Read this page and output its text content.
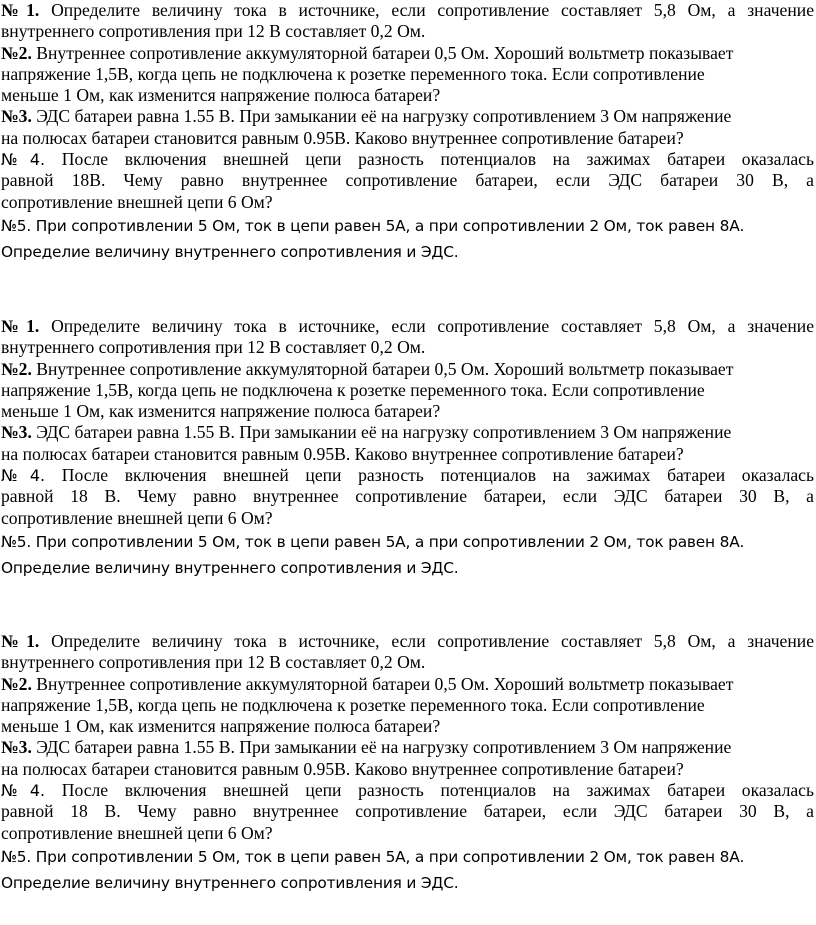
№1. Определите величину тока в источнике, если сопротивление составляет 5,8 Ом, а значение
внутреннего сопротивления при 12 В составляет 0,2 Ом.
№2. Внутреннее сопротивление аккумуляторной батареи 0,5 Ом. Хороший вольтметр показывает
напряжение 1,5В, когда цепь не подключена к розетке переменного тока. Если сопротивление
меньше 1 Ом, как изменится напряжение полюса батареи?
№3. ЭДС батареи равна 1.55 В. При замыкании её на нагрузку сопротивлением 3 Ом напряжение
на полюсах батареи становится равным 0.95В. Каково внутреннее сопротивление батареи?
№4. После включения внешней цепи разность потенциалов на зажимах батареи оказалась
равной 18В. Чему равно внутреннее сопротивление батареи, если ЭДС батареи 30 В, а
сопротивление внешней цепи 6 Ом?
№5. При сопротивлении 5 Ом, ток в цепи равен 5А, а при сопротивлении 2 Ом, ток равен 8А.
Определие величину внутреннего сопротивления и ЭДС.
№1. Определите величину тока в источнике, если сопротивление составляет 5,8 Ом, а значение
внутреннего сопротивления при 12 В составляет 0,2 Ом.
№2. Внутреннее сопротивление аккумуляторной батареи 0,5 Ом. Хороший вольтметр показывает
напряжение 1,5В, когда цепь не подключена к розетке переменного тока. Если сопротивление
меньше 1 Ом, как изменится напряжение полюса батареи?
№3. ЭДС батареи равна 1.55 В. При замыкании её на нагрузку сопротивлением 3 Ом напряжение
на полюсах батареи становится равным 0.95В. Каково внутреннее сопротивление батареи?
№4. После включения внешней цепи разность потенциалов на зажимах батареи оказалась
равной 18 В. Чему равно внутреннее сопротивление батареи, если ЭДС батареи 30 В, а
сопротивление внешней цепи 6 Ом?
№5. При сопротивлении 5 Ом, ток в цепи равен 5А, а при сопротивлении 2 Ом, ток равен 8А.
Определие величину внутреннего сопротивления и ЭДС.
№1. Определите величину тока в источнике, если сопротивление составляет 5,8 Ом, а значение
внутреннего сопротивления при 12 В составляет 0,2 Ом.
№2. Внутреннее сопротивление аккумуляторной батареи 0,5 Ом. Хороший вольтметр показывает
напряжение 1,5В, когда цепь не подключена к розетке переменного тока. Если сопротивление
меньше 1 Ом, как изменится напряжение полюса батареи?
№3. ЭДС батареи равна 1.55 В. При замыкании её на нагрузку сопротивлением 3 Ом напряжение
на полюсах батареи становится равным 0.95В. Каково внутреннее сопротивление батареи?
№4. После включения внешней цепи разность потенциалов на зажимах батареи оказалась
равной 18 В. Чему равно внутреннее сопротивление батареи, если ЭДС батареи 30 В, а
сопротивление внешней цепи 6 Ом?
№5. При сопротивлении 5 Ом, ток в цепи равен 5А, а при сопротивлении 2 Ом, ток равен 8А.
Определие величину внутреннего сопротивления и ЭДС.
